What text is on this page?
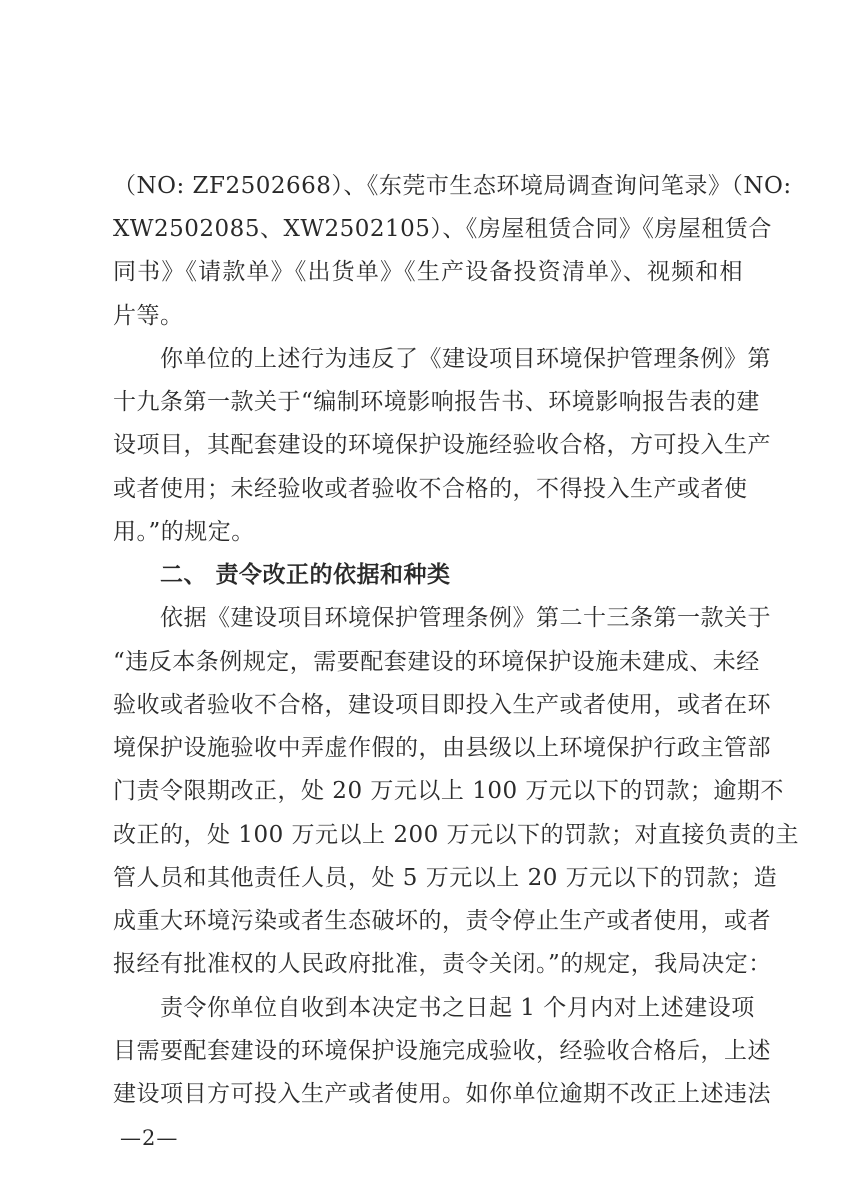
（NO: ZF2502668）、《东莞市生态环境局调查询问笔录》（NO:
XW2502085、XW2502105）、《房屋租赁合同》《房屋租赁合
同书》《请款单》《出货单》《生产设备投资清单》、视频和相
片等。
你单位的上述行为违反了《建设项目环境保护管理条例》第
十九条第一款关于“编制环境影响报告书、环境影响报告表的建
设项目，其配套建设的环境保护设施经验收合格，方可投入生产
或者使用；未经验收或者验收不合格的，不得投入生产或者使
用。”的规定。
二、 责令改正的依据和种类
依据《建设项目环境保护管理条例》第二十三条第一款关于
“违反本条例规定，需要配套建设的环境保护设施未建成、未经
验收或者验收不合格，建设项目即投入生产或者使用，或者在环
境保护设施验收中弄虚作假的，由县级以上环境保护行政主管部
门责令限期改正，处 20 万元以上 100 万元以下的罚款；逾期不
改正的，处 100 万元以上 200 万元以下的罚款；对直接负责的主
管人员和其他责任人员，处 5 万元以上 20 万元以下的罚款；造
成重大环境污染或者生态破坏的，责令停止生产或者使用，或者
报经有批准权的人民政府批准，责令关闭。”的规定，我局决定：
责令你单位自收到本决定书之日起 1 个月内对上述建设项
目需要配套建设的环境保护设施完成验收，经验收合格后，上述
建设项目方可投入生产或者使用。如你单位逾期不改正上述违法
—2—
